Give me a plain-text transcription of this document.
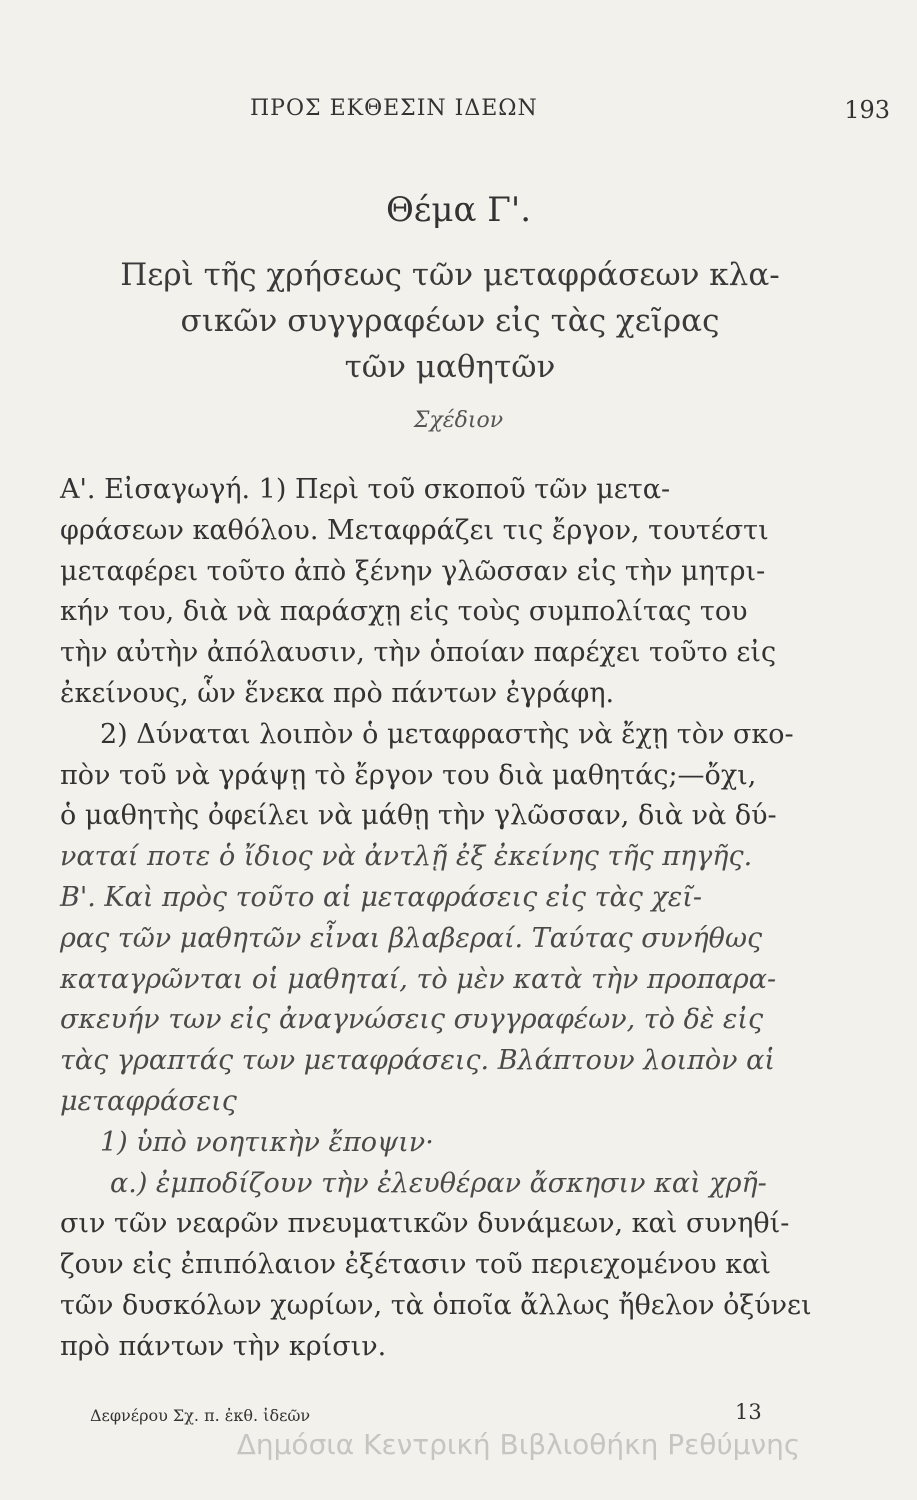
ΠΡΟΣ ΕΚΘΕΣΙΝ ΙΔΕΩΝ	193
Θέμα Γ'.
Περὶ τῆς χρήσεως τῶν μεταφράσεων κλα-
σικῶν συγγραφέων εἰς τὰς χεῖρας
τῶν μαθητῶν
Σχέδιον
Α'. Εἰσαγωγή. 1) Περὶ τοῦ σκοποῦ τῶν μετα-
φράσεων καθόλου. Μεταφράζει τις ἔργον, τουτέστι
μεταφέρει τοῦτο ἀπὸ ξένην γλῶσσαν εἰς τὴν μητρι-
κήν του, διὰ νὰ παράσχῃ εἰς τοὺς συμπολίτας του
τὴν αὐτὴν ἀπόλαυσιν, τὴν ὁποίαν παρέχει τοῦτο εἰς
ἐκείνους, ὧν ἕνεκα πρὸ πάντων ἐγράφη.
2) Δύναται λοιπὸν ὁ μεταφραστὴς νὰ ἔχῃ τὸν σκο-
πὸν τοῦ νὰ γράψῃ τὸ ἔργον του διὰ μαθητάς;—ὄχι,
ὁ μαθητὴς ὀφείλει νὰ μάθῃ τὴν γλῶσσαν, διὰ νὰ δύ-
ναταί ποτε ὁ ἴδιος νὰ ἀντλῇ ἐξ ἐκείνης τῆς πηγῆς.
Β'. Καὶ πρὸς τοῦτο αἱ μεταφράσεις εἰς τὰς χεῖ-
ρας τῶν μαθητῶν εἶναι βλαβεραί. Ταύτας συνήθως
καταγρῶνται οἱ μαθηταί, τὸ μὲν κατὰ τὴν προπαρα-
σκευήν των εἰς ἀναγνώσεις συγγραφέων, τὸ δὲ εἰς
τὰς γραπτάς των μεταφράσεις. Βλάπτουν λοιπὸν αἱ
μεταφράσεις
1) ὑπὸ νοητικὴν ἔποψιν·
α.) ἐμποδίζουν τὴν ἐλευθέραν ἄσκησιν καὶ χρῆ-
σιν τῶν νεαρῶν πνευματικῶν δυνάμεων, καὶ συνηθί-
ζουν εἰς ἐπιπόλαιον ἐξέτασιν τοῦ περιεχομένου καὶ
τῶν δυσκόλων χωρίων, τὰ ὁποῖα ἄλλως ἤθελον ὀξύνει
πρὸ πάντων τὴν κρίσιν.
Δεφνέρου Σχ. π. ἐκθ. ἰδεῶν	13
Δημόσια Κεντρική Βιβλιοθήκη Ρεθύμνης
